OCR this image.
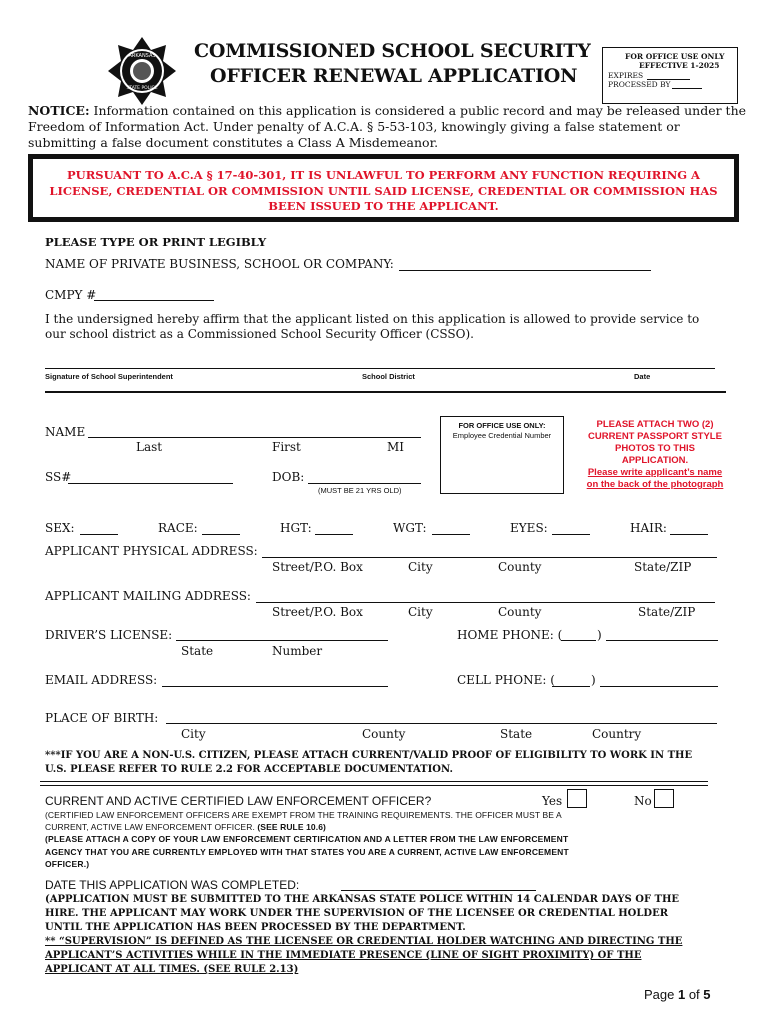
ARKANSAS
STATE POLICE
COMMISSIONED SCHOOL SECURITY
OFFICER RENEWAL APPLICATION
FOR OFFICE USE ONLY
EFFECTIVE 1-2025
EXPIRES
PROCESSED BY
NOTICE: Information contained on this application is considered a public record and may be released under the
Freedom of Information Act. Under penalty of A.C.A. § 5-53-103, knowingly giving a false statement or
submitting a false document constitutes a Class A Misdemeanor.
PURSUANT TO A.C.A § 17-40-301, IT IS UNLAWFUL TO PERFORM ANY FUNCTION REQUIRING A
LICENSE, CREDENTIAL OR COMMISSION UNTIL SAID LICENSE, CREDENTIAL OR COMMISSION HAS
BEEN ISSUED TO THE APPLICANT.
PLEASE TYPE OR PRINT LEGIBLY
NAME OF PRIVATE BUSINESS, SCHOOL OR COMPANY:
CMPY #
I the undersigned hereby affirm that the applicant listed on this application is allowed to provide service to
our school district as a Commissioned School Security Officer (CSSO).
Signature of School Superintendent	School District	Date
NAME
Last	First	MI
SS#	DOB:
(MUST BE 21 YRS OLD)
FOR OFFICE USE ONLY:
Employee Credential Number
PLEASE ATTACH TWO (2)
CURRENT PASSPORT STYLE
PHOTOS TO THIS
APPLICATION.
Please write applicant’s name
on the back of the photograph
SEX:	RACE:	HGT:	WGT:	EYES:	HAIR:
APPLICANT PHYSICAL ADDRESS:
Street/P.O. Box	City	County	State/ZIP
APPLICANT MAILING ADDRESS:
Street/P.O. Box	City	County	State/ZIP
DRIVER’S LICENSE:
State	Number
HOME PHONE: (	)
EMAIL ADDRESS:	CELL PHONE: (	)
PLACE OF BIRTH:
City	County	State	Country
***IF YOU ARE A NON-U.S. CITIZEN, PLEASE ATTACH CURRENT/VALID PROOF OF ELIGIBILITY TO WORK IN THE
U.S. PLEASE REFER TO RULE 2.2 FOR ACCEPTABLE DOCUMENTATION.
CURRENT AND ACTIVE CERTIFIED LAW ENFORCEMENT OFFICER?	Yes	No
(CERTIFIED LAW ENFORCEMENT OFFICERS ARE EXEMPT FROM THE TRAINING REQUIREMENTS. THE OFFICER MUST BE A
CURRENT, ACTIVE LAW ENFORCEMENT OFFICER. (SEE RULE 10.6)
(PLEASE ATTACH A COPY OF YOUR LAW ENFORCEMENT CERTIFICATION AND A LETTER FROM THE LAW ENFORCEMENT
AGENCY THAT YOU ARE CURRENTLY EMPLOYED WITH THAT STATES YOU ARE A CURRENT, ACTIVE LAW ENFORCEMENT
OFFICER.)
DATE THIS APPLICATION WAS COMPLETED:
(APPLICATION MUST BE SUBMITTED TO THE ARKANSAS STATE POLICE WITHIN 14 CALENDAR DAYS OF THE
HIRE. THE APPLICANT MAY WORK UNDER THE SUPERVISION OF THE LICENSEE OR CREDENTIAL HOLDER
UNTIL THE APPLICATION HAS BEEN PROCESSED BY THE DEPARTMENT.
** “SUPERVISION” IS DEFINED AS THE LICENSEE OR CREDENTIAL HOLDER WATCHING AND DIRECTING THE
APPLICANT’S ACTIVITIES WHILE IN THE IMMEDIATE PRESENCE (LINE OF SIGHT PROXIMITY) OF THE
APPLICANT AT ALL TIMES. (SEE RULE 2.13)
Page 1 of 5
